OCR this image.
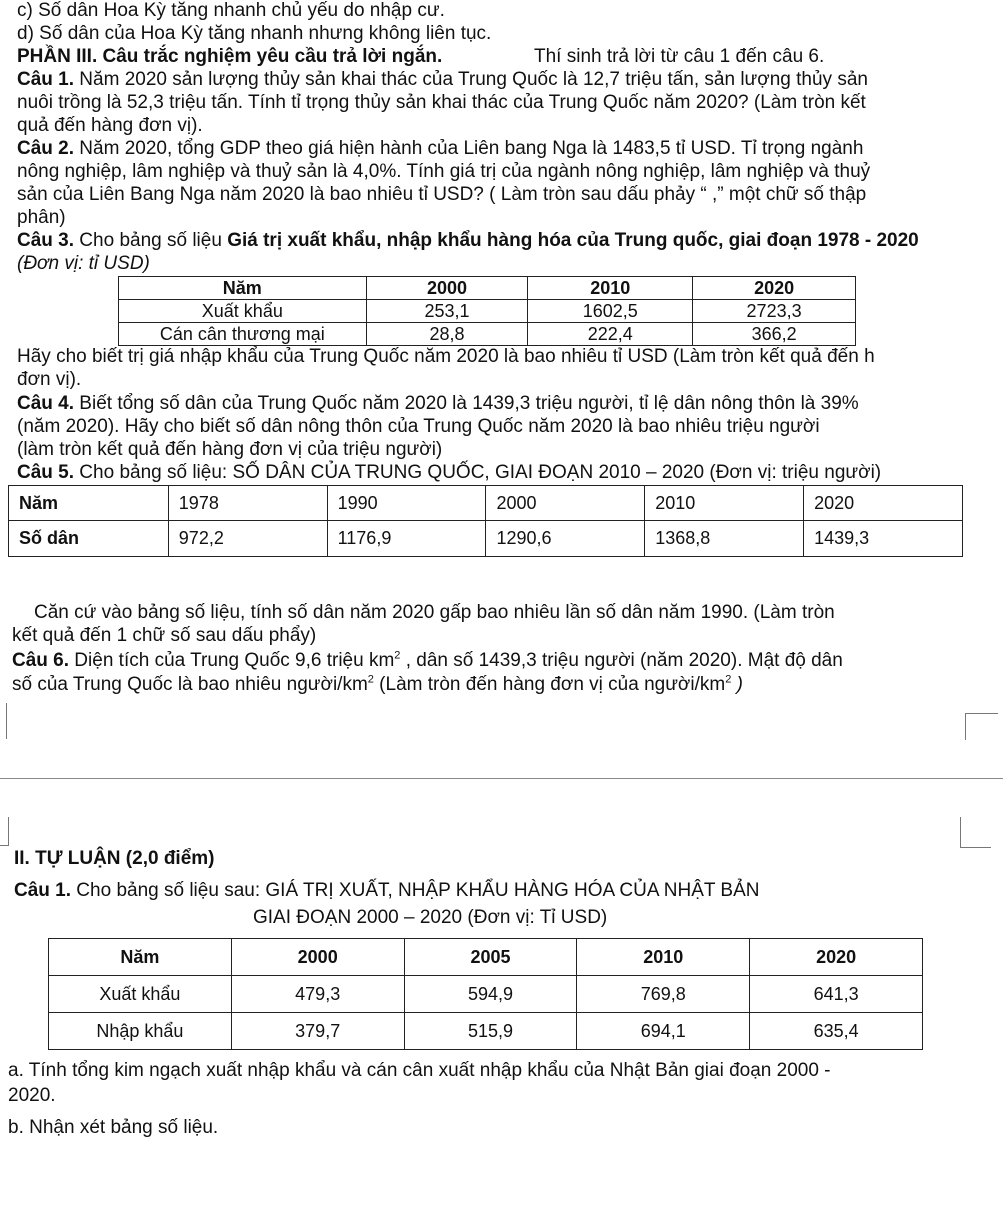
c) Số dân Hoa Kỳ tăng nhanh chủ yếu do nhập cư.
d) Số dân của Hoa Kỳ tăng nhanh nhưng không liên tục.
PHẦN III. Câu trắc nghiệm yêu cầu trả lời ngắn.	Thí sinh trả lời từ câu 1 đến câu 6.
Câu 1. Năm 2020 sản lượng thủy sản khai thác của Trung Quốc là 12,7 triệu tấn, sản lượng thủy sản
nuôi trồng là 52,3 triệu tấn. Tính tỉ trọng thủy sản khai thác của Trung Quốc năm 2020? (Làm tròn kết
quả đến hàng đơn vị).
Câu 2. Năm 2020, tổng GDP theo giá hiện hành của Liên bang Nga là 1483,5 tỉ USD. Tỉ trọng ngành
nông nghiệp, lâm nghiệp và thuỷ sản là 4,0%. Tính giá trị của ngành nông nghiệp, lâm nghiệp và thuỷ
sản của Liên Bang Nga năm 2020 là bao nhiêu tỉ USD? ( Làm tròn sau dấu phảy “ ,” một chữ số thập
phân)
Câu 3. Cho bảng số liệu Giá trị xuất khẩu, nhập khẩu hàng hóa của Trung quốc, giai đoạn 1978 - 2020
(Đơn vị: tỉ USD)
Năm	2000	2010	2020
Xuất khẩu	253,1	1602,5	2723,3
Cán cân thương mại	28,8	222,4	366,2
Hãy cho biết trị giá nhập khẩu của Trung Quốc năm 2020 là bao nhiêu tỉ USD (Làm tròn kết quả đến h
đơn vị).
Câu 4. Biết tổng số dân của Trung Quốc năm 2020 là 1439,3 triệu người, tỉ lệ dân nông thôn là 39%
(năm 2020). Hãy cho biết số dân nông thôn của Trung Quốc năm 2020 là bao nhiêu triệu người
(làm tròn kết quả đến hàng đơn vị của triệu người)
Câu 5. Cho bảng số liệu: SỐ DÂN CỦA TRUNG QUỐC, GIAI ĐOẠN 2010 – 2020 (Đơn vị: triệu người)
Năm	1978	1990	2000	2010	2020
Số dân	972,2	1176,9	1290,6	1368,8	1439,3
Căn cứ vào bảng số liệu, tính số dân năm 2020 gấp bao nhiêu lần số dân năm 1990. (Làm tròn
kết quả đến 1 chữ số sau dấu phẩy)
Câu 6. Diện tích của Trung Quốc 9,6 triệu $km^2$ , dân số 1439,3 triệu người (năm 2020). Mật độ dân
số của Trung Quốc là bao nhiêu người/$km^2$ (Làm tròn đến hàng đơn vị của người/$km^2$ )
II. TỰ LUẬN (2,0 điểm)
Câu 1. Cho bảng số liệu sau: GIÁ TRỊ XUẤT, NHẬP KHẨU HÀNG HÓA CỦA NHẬT BẢN
GIAI ĐOẠN 2000 – 2020 (Đơn vị: Tỉ USD)
Năm	2000	2005	2010	2020
Xuất khẩu	479,3	594,9	769,8	641,3
Nhập khẩu	379,7	515,9	694,1	635,4
a. Tính tổng kim ngạch xuất nhập khẩu và cán cân xuất nhập khẩu của Nhật Bản giai đoạn 2000 -
2020.
b. Nhận xét bảng số liệu.
